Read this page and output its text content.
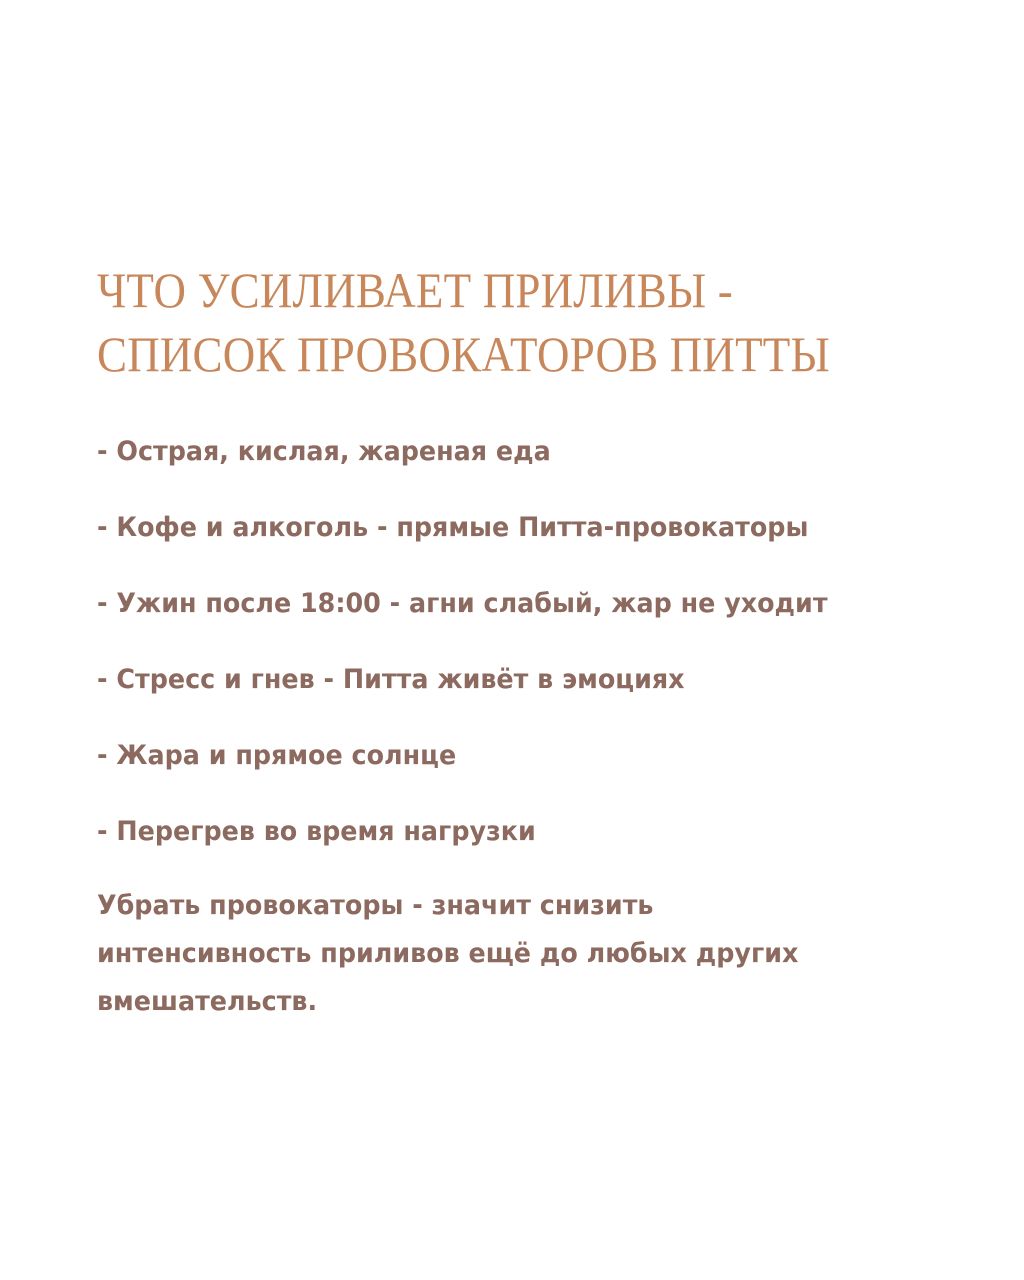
ЧТО УСИЛИВАЕТ ПРИЛИВЫ -
СПИСОК ПРОВОКАТОРОВ ПИТТЫ
- Острая, кислая, жареная еда
- Кофе и алкоголь - прямые Питта-провокаторы
- Ужин после 18:00 - агни слабый, жар не уходит
- Стресс и гнев - Питта живёт в эмоциях
- Жара и прямое солнце
- Перегрев во время нагрузки

Убрать провокаторы - значит снизить
интенсивность приливов ещё до любых других
вмешательств.
